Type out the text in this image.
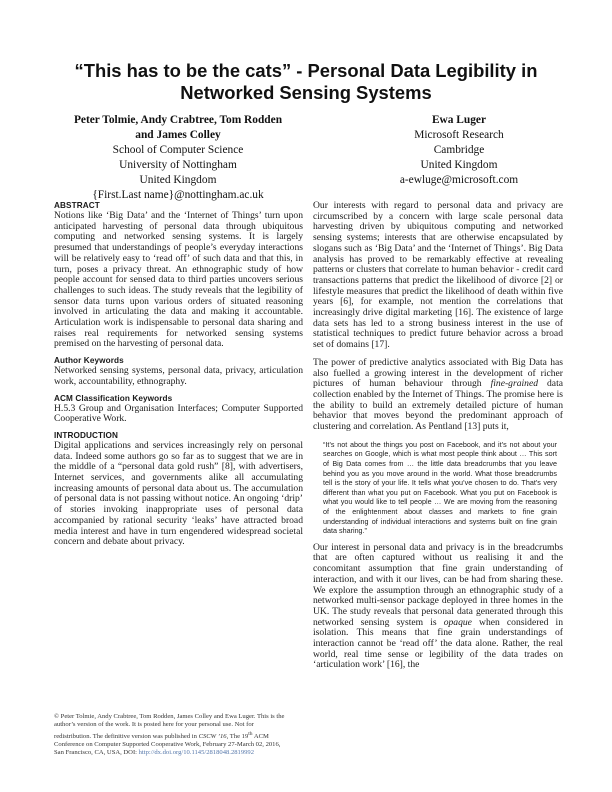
“This has to be the cats” - Personal Data Legibility in Networked Sensing Systems
Peter Tolmie, Andy Crabtree, Tom Rodden
and James Colley
School of Computer Science
University of Nottingham
United Kingdom
{First.Last name}@nottingham.ac.uk
Ewa Luger
Microsoft Research
Cambridge
United Kingdom
a-ewluge@microsoft.com

ABSTRACT

Notions like ‘Big Data’ and the ‘Internet of Things’ turn upon anticipated harvesting of personal data through ubiquitous computing and networked sensing systems. It is largely presumed that understandings of people’s everyday interactions will be relatively easy to ‘read off’ of such data and that this, in turn, poses a privacy threat. An ethnographic study of how people account for sensed data to third parties uncovers serious challenges to such ideas. The study reveals that the legibility of sensor data turns upon various orders of situated reasoning involved in articulating the data and making it accountable. Articulation work is indispensable to personal data sharing and raises real requirements for networked sensing systems premised on the harvesting of personal data.

Author Keywords

Networked sensing systems, personal data, privacy, articulation work, accountability, ethnography.

ACM Classification Keywords

H.5.3 Group and Organisation Interfaces; Computer Supported Cooperative Work.

INTRODUCTION

Digital applications and services increasingly rely on personal data. Indeed some authors go so far as to suggest that we are in the middle of a “personal data gold rush” [8], with advertisers, Internet services, and governments alike all accumulating increasing amounts of personal data about us. The accumulation of personal data is not passing without notice. An ongoing ‘drip’ of stories invoking inappropriate uses of personal data accompanied by rational security ‘leaks’ have attracted broad media interest and have in turn engendered widespread societal concern and debate about privacy.

© Peter Tolmie, Andy Crabtree, Tom Rodden, James Colley and Ewa Luger. This is the author’s version of the work. It is posted here for your personal use. Not for redistribution. The definitive version was published in CSCW ’16, The 19th ACM Conference on Computer Supported Cooperative Work, February 27-March 02, 2016, San Francisco, CA, USA, DOI: http://dx.doi.org/10.1145/2818048.2819992

Our interests with regard to personal data and privacy are circumscribed by a concern with large scale personal data harvesting driven by ubiquitous computing and networked sensing systems; interests that are otherwise encapsulated by slogans such as ‘Big Data’ and the ‘Internet of Things’. Big Data analysis has proved to be remarkably effective at revealing patterns or clusters that correlate to human behavior - credit card transactions patterns that predict the likelihood of divorce [2] or lifestyle measures that predict the likelihood of death within five years [6], for example, not mention the correlations that increasingly drive digital marketing [16]. The existence of large data sets has led to a strong business interest in the use of statistical techniques to predict future behavior across a broad set of domains [17].

The power of predictive analytics associated with Big Data has also fuelled a growing interest in the development of richer pictures of human behaviour through fine-grained data collection enabled by the Internet of Things. The promise here is the ability to build an extremely detailed picture of human behavior that moves beyond the predominant approach of clustering and correlation. As Pentland [13] puts it,

“It’s not about the things you post on Facebook, and it’s not about your searches on Google, which is what most people think about … This sort of Big Data comes from … the little data breadcrumbs that you leave behind you as you move around in the world. What those breadcrumbs tell is the story of your life. It tells what you’ve chosen to do. That’s very different than what you put on Facebook. What you put on Facebook is what you would like to tell people … We are moving from the reasoning of the enlightenment about classes and markets to fine grain understanding of individual interactions and systems built on fine grain data sharing.”

Our interest in personal data and privacy is in the breadcrumbs that are often captured without us realising it and the concomitant assumption that fine grain understanding of interaction, and with it our lives, can be had from sharing these. We explore the assumption through an ethnographic study of a networked multi-sensor package deployed in three homes in the UK. The study reveals that personal data generated through this networked sensing system is opaque when considered in isolation. This means that fine grain understandings of interaction cannot be ‘read off’ the data alone. Rather, the real world, real time sense or legibility of the data trades on ‘articulation work’ [16], the
